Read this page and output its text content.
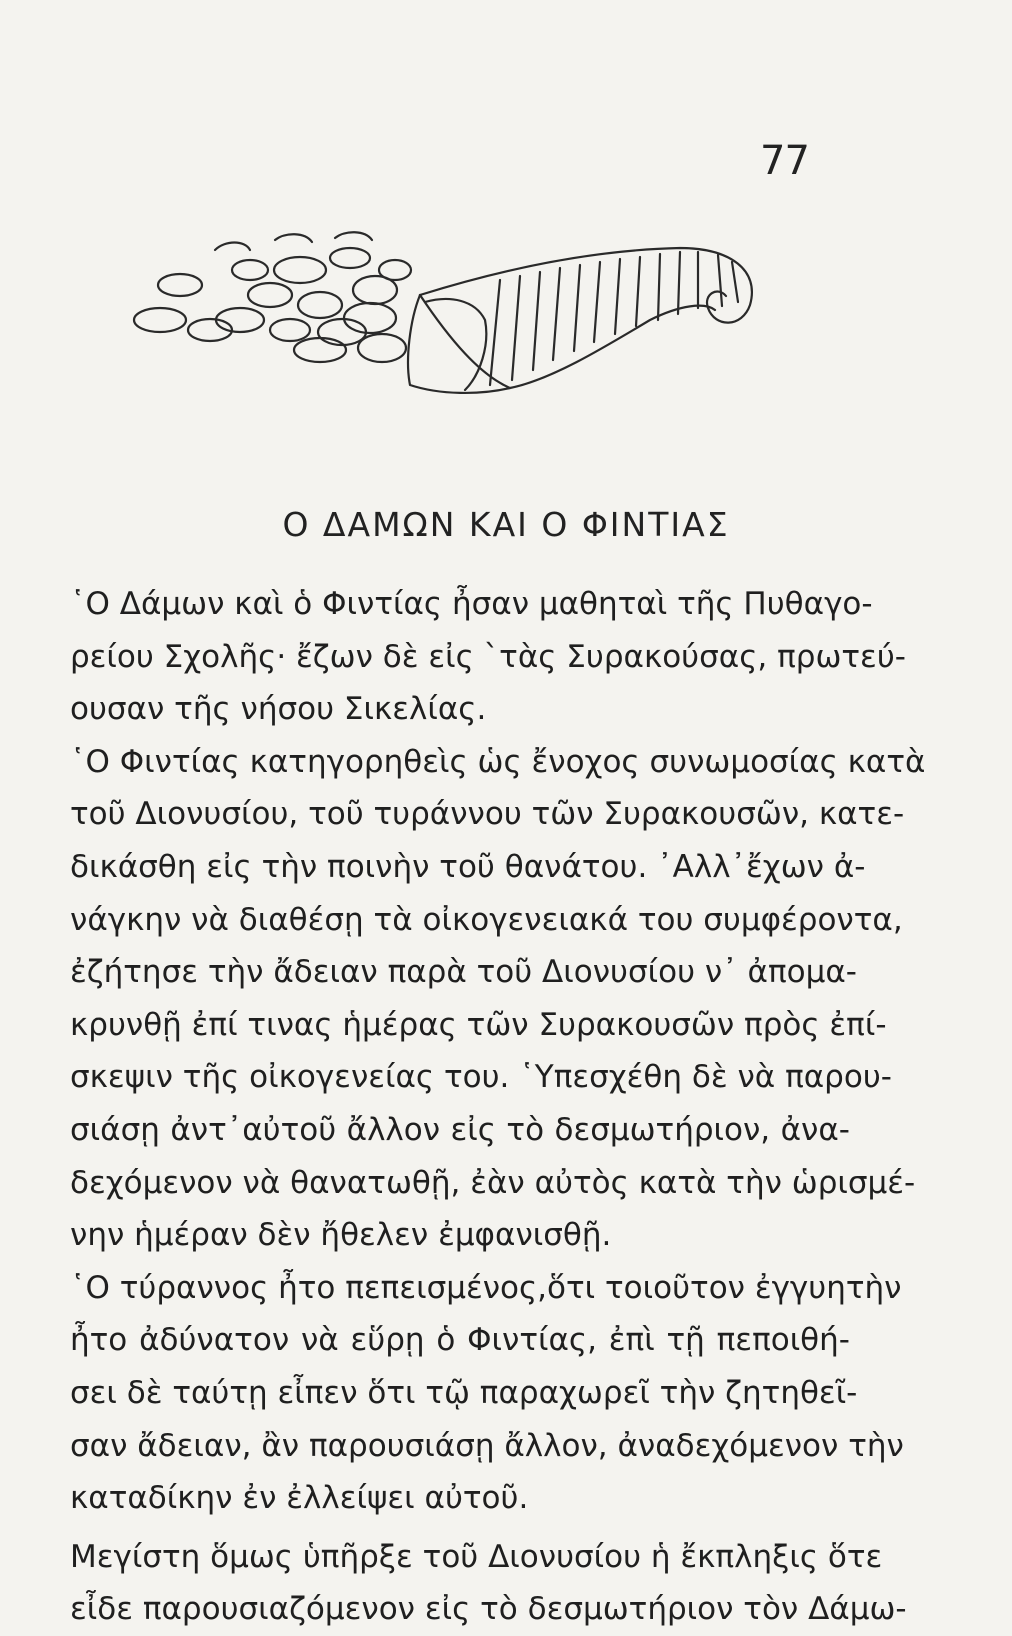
77
Ο ΔΑΜΩΝ ΚΑΙ Ο ΦΙΝΤΙΑΣ
῾Ο Δάμων καὶ ὁ Φιντίας ἦσαν μαθηταὶ τῆς Πυθαγο-
ρείου Σχολῆς· ἔζων δὲ εἰς `τὰς Συρακούσας, πρωτεύ-
ουσαν τῆς νήσου Σικελίας.
῾Ο Φιντίας κατηγορηθεὶς ὡς ἔνοχος συνωμοσίας κατὰ
τοῦ Διονυσίου, τοῦ τυράννου τῶν Συρακουσῶν, κατε-
δικάσθη εἰς τὴν ποινὴν τοῦ θανάτου. ᾿Αλλ᾿ἔχων ἀ-
νάγκην νὰ διαθέσῃ τὰ οἰκογενειακά του συμφέροντα,
ἐζήτησε τὴν ἄδειαν παρὰ τοῦ Διονυσίου ν᾿ ἀπομα-
κρυνθῇ ἐπί τινας ἡμέρας τῶν Συρακουσῶν πρὸς ἐπί-
σκεψιν τῆς οἰκογενείας του. ῾Υπεσχέθη δὲ νὰ παρου-
σιάσῃ ἀντ᾿αὐτοῦ ἄλλον εἰς τὸ δεσμωτήριον, ἀνα-
δεχόμενον νὰ θανατωθῇ, ἐὰν αὐτὸς κατὰ τὴν ὡρισμέ-
νην ἡμέραν δὲν ἤθελεν ἐμφανισθῇ.
῾Ο τύραννος ἦτο πεπεισμένος,ὅτι τοιοῦτον ἐγγυητὴν
ἦτο ἀδύνατον νὰ εὕρῃ ὁ Φιντίας, ἐπὶ τῇ πεποιθή-
σει δὲ ταύτῃ εἶπεν ὅτι τῷ παραχωρεῖ τὴν ζητηθεῖ-
σαν ἄδειαν, ἂν παρουσιάσῃ ἄλλον, ἀναδεχόμενον τὴν
καταδίκην ἐν ἐλλείψει αὐτοῦ.
Μεγίστη ὅμως ὑπῆρξε τοῦ Διονυσίου ἡ ἔκπληξις ὅτε
εἶδε παρουσιαζόμενον εἰς τὸ δεσμωτήριον τὸν Δάμω-
